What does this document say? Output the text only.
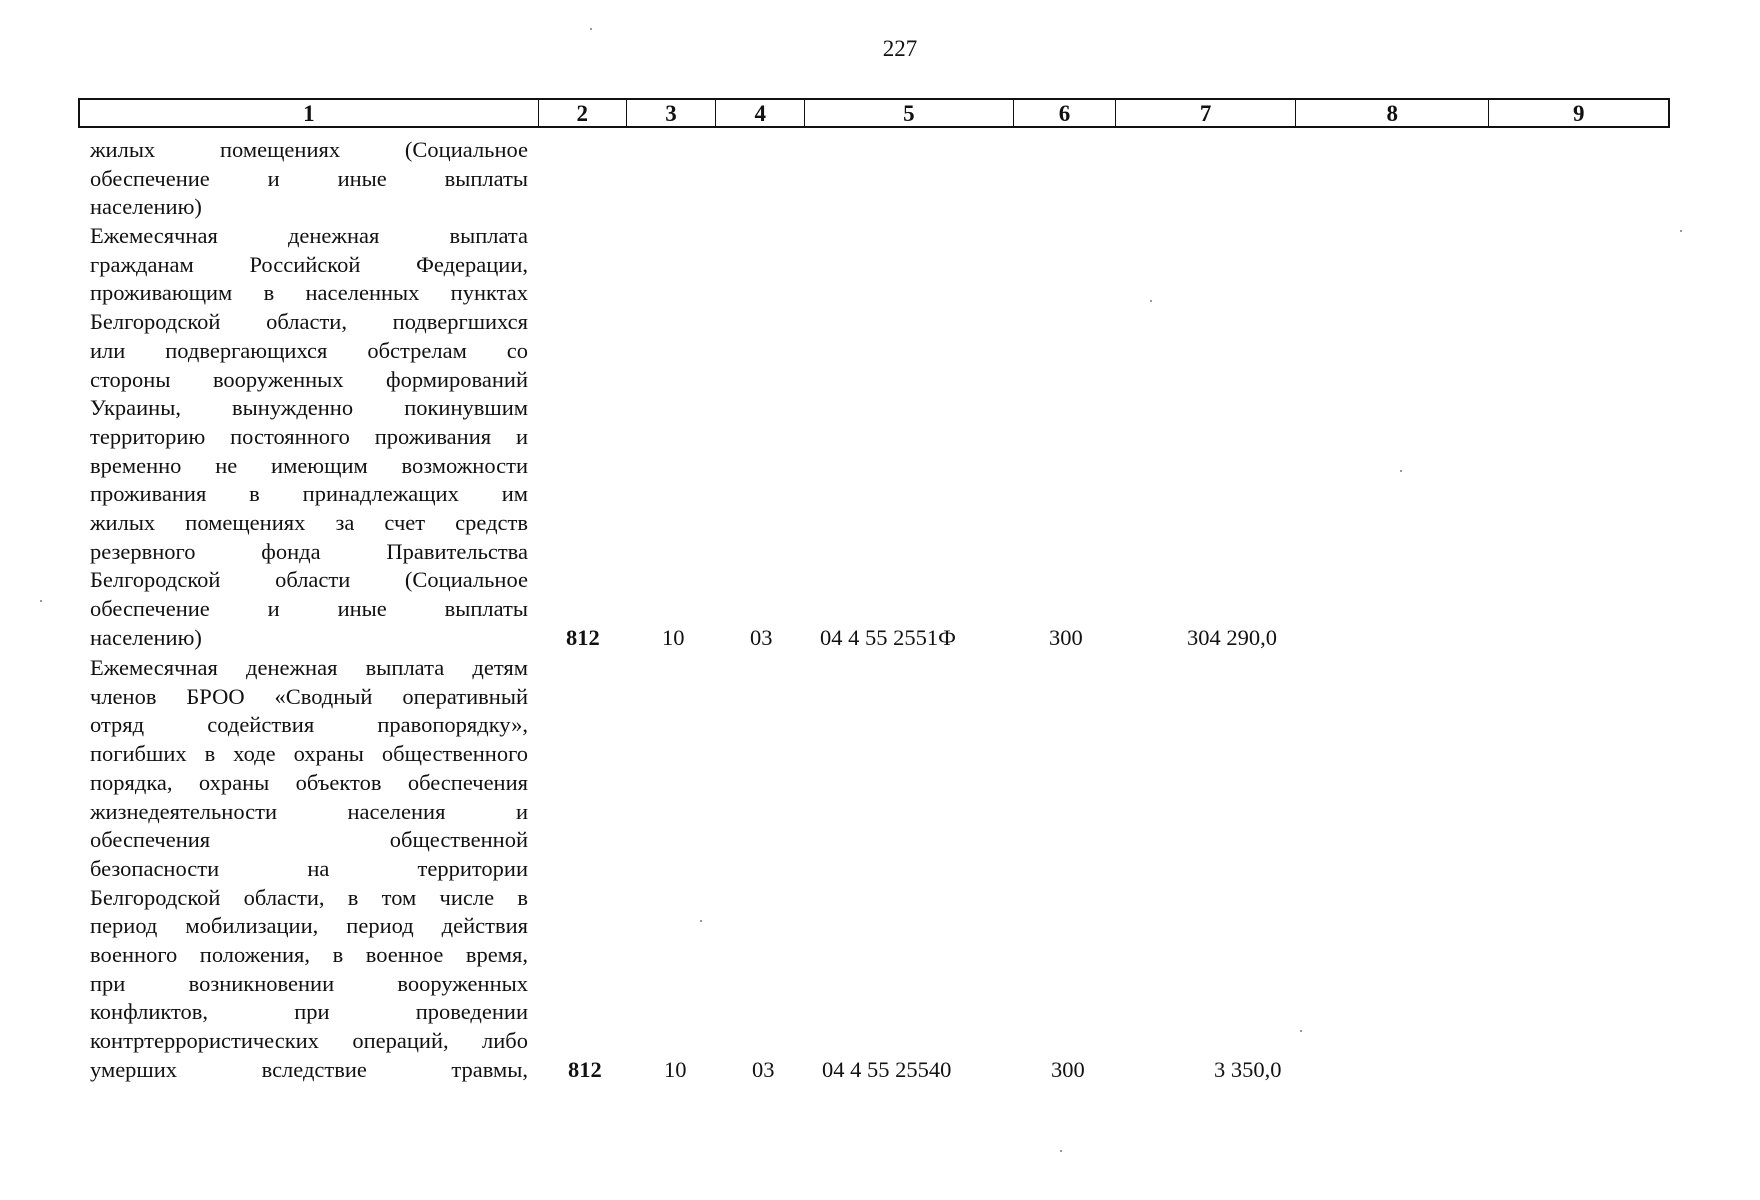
227
1	2	3	4	5	6	7	8	9
жилых помещениях (Социальное
обеспечение и иные выплаты
населению)
Ежемесячная денежная выплата
гражданам Российской Федерации,
проживающим в населенных пунктах
Белгородской области, подвергшихся
или подвергающихся обстрелам со
стороны вооруженных формирований
Украины, вынужденно покинувшим
территорию постоянного проживания и
временно не имеющим возможности
проживания в принадлежащих им
жилых помещениях за счет средств
резервного фонда Правительства
Белгородской области (Социальное
обеспечение и иные выплаты
населению)	812	10	03 04 4 55 2551Ф	300	304 290,0
Ежемесячная денежная выплата детям
членов БРОО «Сводный оперативный
отряд содействия правопорядку»,
погибших в ходе охраны общественного
порядка, охраны объектов обеспечения
жизнедеятельности населения и
обеспечения общественной
безопасности на территории
Белгородской области, в том числе в
период мобилизации, период действия
военного положения, в военное время,
при возникновении вооруженных
конфликтов, при проведении
контртеррористических операций, либо
умерших вследствие травмы, 812	10	03 04 4 55 25540	300	3 350,0
